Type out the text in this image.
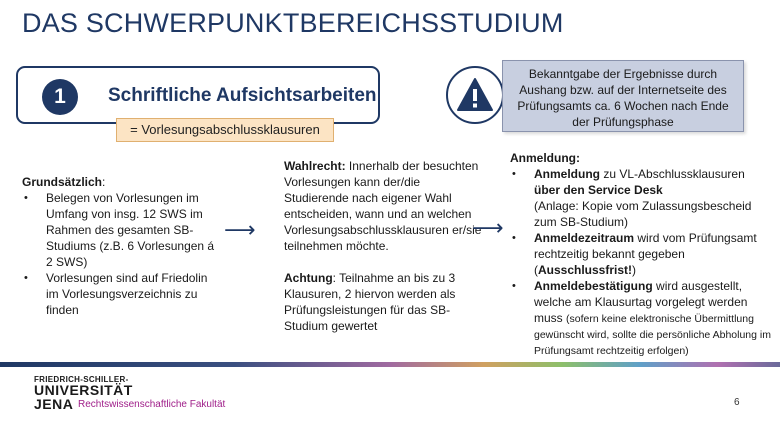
DAS SCHWERPUNKTBEREICHSSTUDIUM
1	Schriftliche Aufsichtsarbeiten
= Vorlesungsabschlussklausuren
Bekanntgabe der Ergebnisse durch Aushang bzw. auf der Internetseite des Prüfungsamts ca. 6 Wochen nach Ende der Prüfungsphase
Grundsätzlich:
• Belegen von Vorlesungen im Umfang von insg. 12 SWS im Rahmen des gesamten SB-Studiums (z.B. 6 Vorlesungen á 2 SWS)
• Vorlesungen sind auf Friedolin im Vorlesungsverzeichnis zu finden
⟶
Wahlrecht: Innerhalb der besuchten Vorlesungen kann der/die Studierende nach eigener Wahl entscheiden, wann und an welchen Vorlesungsabschlussklausuren er/sie teilnehmen möchte.
Achtung: Teilnahme an bis zu 3 Klausuren, 2 hiervon werden als Prüfungsleistungen für das SB-Studium gewertet
⟶
Anmeldung:
• Anmeldung zu VL-Abschlussklausuren über den Service Desk
(Anlage: Kopie vom Zulassungsbescheid zum SB-Studium)
• Anmeldezeitraum wird vom Prüfungsamt rechtzeitig bekannt gegeben
(Ausschlussfrist!)
• Anmeldebestätigung wird ausgestellt, welche am Klausurtag vorgelegt werden muss (sofern keine elektronische Übermittlung gewünscht wird, sollte die persönliche Abholung im Prüfungsamt rechtzeitig erfolgen)
FRIEDRICH-SCHILLER-
UNIVERSITÄT
JENA Rechtswissenschaftliche Fakultät	6
